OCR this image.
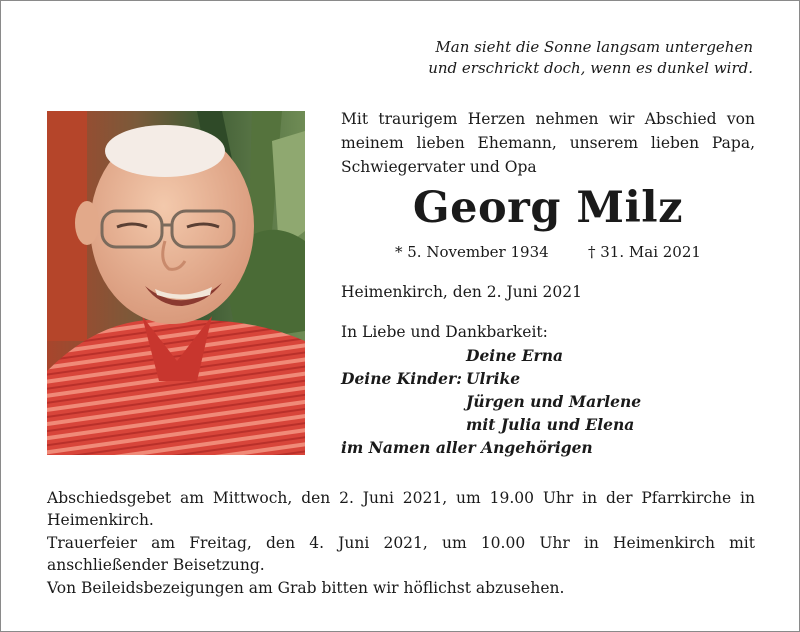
Man sieht die Sonne langsam untergehen
und erschrickt doch, wenn es dunkel wird.
Mit traurigem Herzen nehmen wir Abschied von
meinem lieben Ehemann, unserem lieben Papa,
Schwiegervater und Opa
Georg Milz
* 5. November 1934	† 31. Mai 2021
Heimenkirch, den 2. Juni 2021
In Liebe und Dankbarkeit:
Deine Erna
Deine Kinder: Ulrike
Jürgen und Marlene
mit Julia und Elena
im Namen aller Angehörigen

Abschiedsgebet am Mittwoch, den 2. Juni 2021, um 19.00 Uhr in der Pfarrkirche in Heimenkirch.

Trauerfeier am Freitag, den 4. Juni 2021, um 10.00 Uhr in Heimenkirch mit anschließender Beisetzung.

Von Beileidsbezeigungen am Grab bitten wir höflichst abzusehen.
